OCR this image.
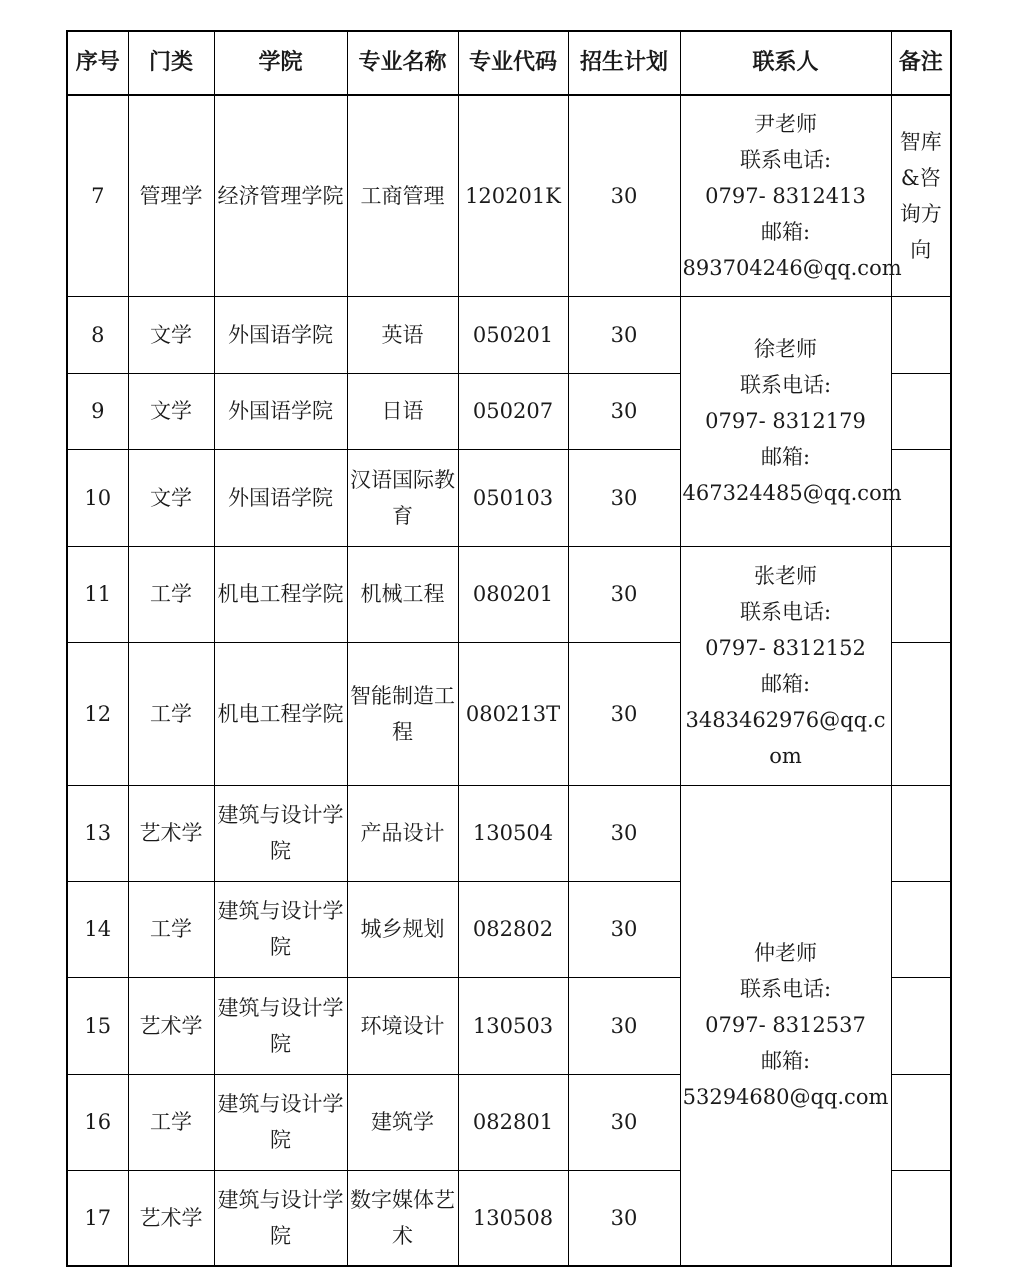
序号	门类	学院	专业名称	专业代码	招生计划	联系人	备注
7	管理学	经济管理学院	工商管理	120201K	30	尹老师
联系电话:
0797- 8312413
邮箱:
893704246@qq.com	智库&咨询方向
8	文学	外国语学院	英语	050201	30	徐老师
联系电话:
0797- 8312179
邮箱:
467324485@qq.com	

9	文学	外国语学院	日语	050207	30		
10	文学	外国语学院	汉语国际教育	050103	30		
11	工学	机电工程学院	机械工程	080201	30	张老师
联系电话:
0797- 8312152
邮箱:
3483462976@qq.com	

12	工学	机电工程学院	智能制造工程	080213T	30		
13	艺术学	建筑与设计学院	产品设计	130504	30	仲老师
联系电话:
0797- 8312537
邮箱:
53294680@qq.com	

14	工学	建筑与设计学院	城乡规划	082802	30		
15	艺术学	建筑与设计学院	环境设计	130503	30		
16	工学	建筑与设计学院	建筑学	082801	30		
17	艺术学	建筑与设计学院	数字媒体艺术	130508	30		
